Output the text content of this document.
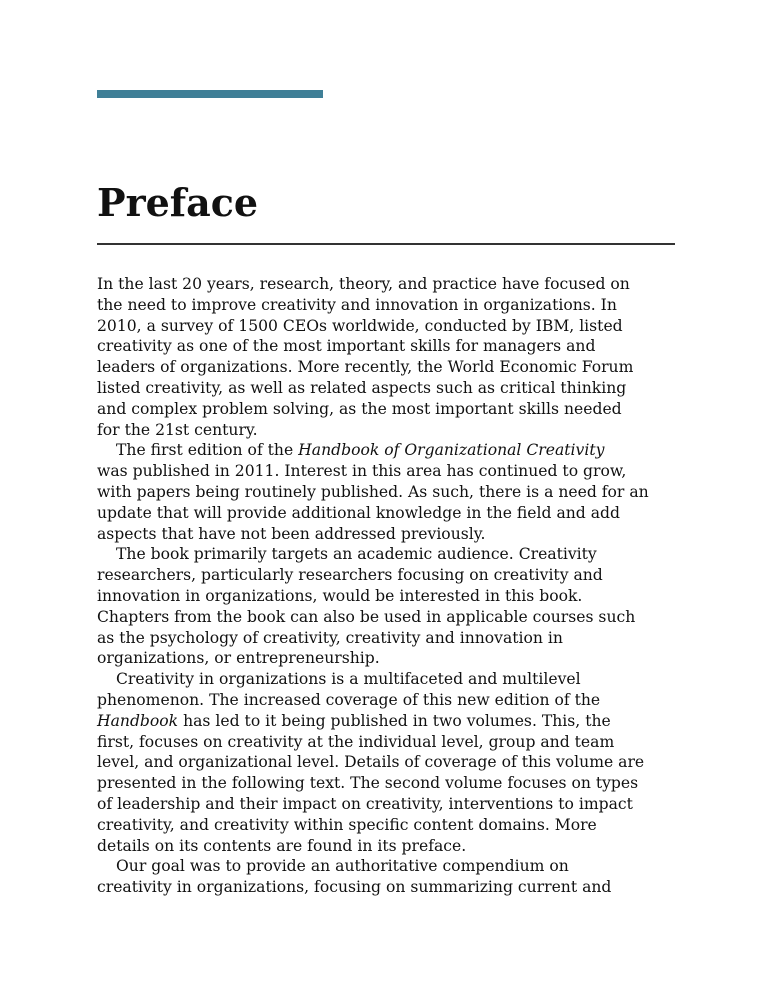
Preface

In the last 20 years, research, theory, and practice have focused on
the need to improve creativity and innovation in organizations. In
2010, a survey of 1500 CEOs worldwide, conducted by IBM, listed
creativity as one of the most important skills for managers and
leaders of organizations. More recently, the World Economic Forum
listed creativity, as well as related aspects such as critical thinking
and complex problem solving, as the most important skills needed
for the 21st century.

The first edition of the Handbook of Organizational Creativity
was published in 2011. Interest in this area has continued to grow,
with papers being routinely published. As such, there is a need for an
update that will provide additional knowledge in the field and add
aspects that have not been addressed previously.

The book primarily targets an academic audience. Creativity
researchers, particularly researchers focusing on creativity and
innovation in organizations, would be interested in this book.
Chapters from the book can also be used in applicable courses such
as the psychology of creativity, creativity and innovation in
organizations, or entrepreneurship.

Creativity in organizations is a multifaceted and multilevel
phenomenon. The increased coverage of this new edition of the
Handbook has led to it being published in two volumes. This, the
first, focuses on creativity at the individual level, group and team
level, and organizational level. Details of coverage of this volume are
presented in the following text. The second volume focuses on types
of leadership and their impact on creativity, interventions to impact
creativity, and creativity within specific content domains. More
details on its contents are found in its preface.

Our goal was to provide an authoritative compendium on
creativity in organizations, focusing on summarizing current and
